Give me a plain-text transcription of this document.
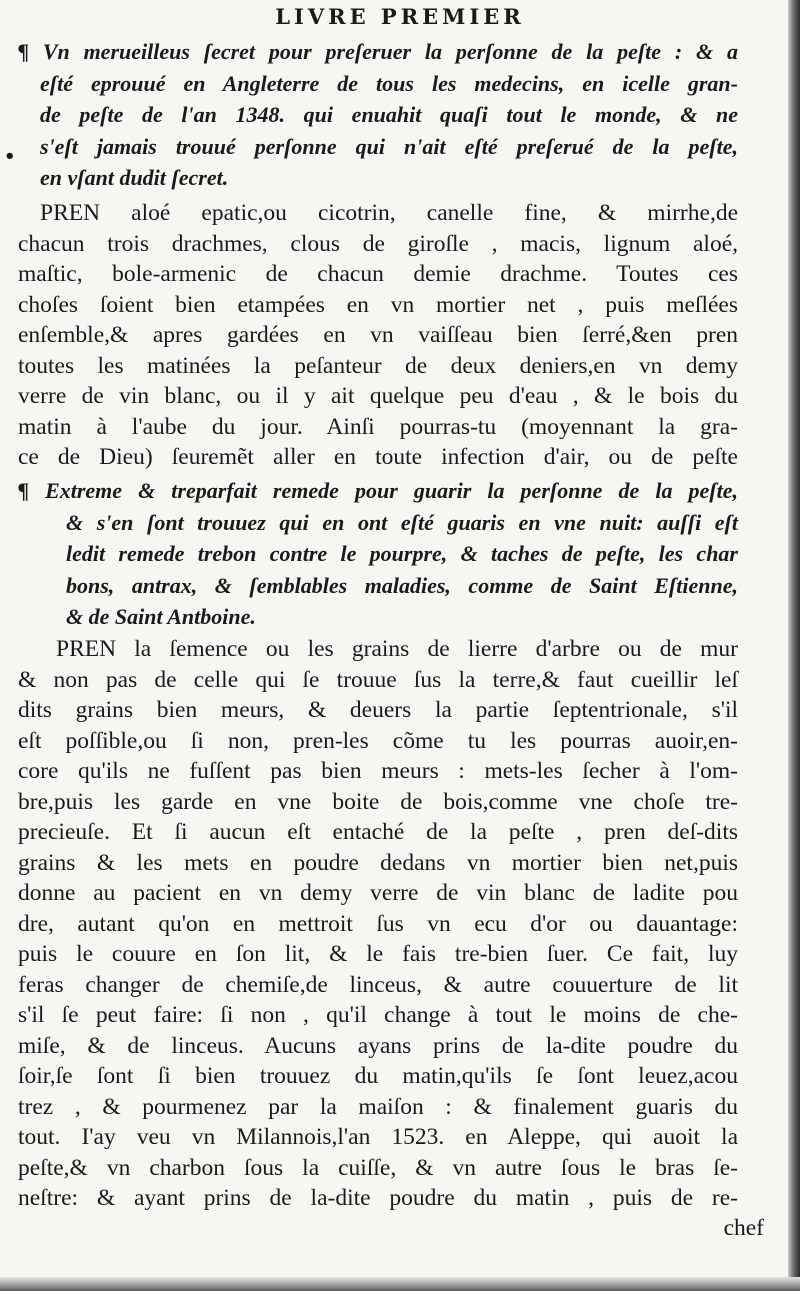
LIVRE PREMIER
•
¶ Vn merueilleus ſecret pour preſeruer la perſonne de la peſte : & a
eſté eprouué en Angleterre de tous les medecins, en icelle gran-
de peſte de l'an 1348. qui enuahit quaſi tout le monde, & ne
s'eſt jamais trouué perſonne qui n'ait eſté preſerué de la peſte,
en vſant dudit ſecret.
PREN aloé epatic,ou cicotrin, canelle fine, & mirrhe,de
chacun trois drachmes, clous de giroſle , macis, lignum aloé,
maſtic, bole-armenic de chacun demie drachme. Toutes ces
choſes ſoient bien etampées en vn mortier net , puis meſlées
enſemble,& apres gardées en vn vaiſſeau bien ſerré,&en pren
toutes les matinées la peſanteur de deux deniers,en vn demy
verre de vin blanc, ou il y ait quelque peu d'eau , & le bois du
matin à l'aube du jour. Ainſi pourras-tu (moyennant la gra-
ce de Dieu) ſeuremẽt aller en toute infection d'air, ou de peſte
¶ Extreme & treparfait remede pour guarir la perſonne de la peſte,
& s'en ſont trouuez qui en ont eſté guaris en vne nuit: auſſi eſt
ledit remede trebon contre le pourpre, & taches de peſte, les char
bons, antrax, & ſemblables maladies, comme de Saint Eſtienne,
& de Saint Antboine.
PREN la ſemence ou les grains de lierre d'arbre ou de mur
& non pas de celle qui ſe trouue ſus la terre,& faut cueillir leſ
dits grains bien meurs, & deuers la partie ſeptentrionale, s'il
eſt poſſible,ou ſi non, pren-les cõme tu les pourras auoir,en-
core qu'ils ne fuſſent pas bien meurs : mets-les ſecher à l'om-
bre,puis les garde en vne boite de bois,comme vne choſe tre-
precieuſe. Et ſi aucun eſt entaché de la peſte , pren deſ-dits
grains & les mets en poudre dedans vn mortier bien net,puis
donne au pacient en vn demy verre de vin blanc de ladite pou
dre, autant qu'on en mettroit ſus vn ecu d'or ou dauantage:
puis le couure en ſon lit, & le fais tre-bien ſuer. Ce fait, luy
feras changer de chemiſe,de linceus, & autre couuerture de lit
s'il ſe peut faire: ſi non , qu'il change à tout le moins de che-
miſe, & de linceus. Aucuns ayans prins de la-dite poudre du
ſoir,ſe ſont ſi bien trouuez du matin,qu'ils ſe ſont leuez,acou
trez , & pourmenez par la maiſon : & finalement guaris du
tout. I'ay veu vn Milannois,l'an 1523. en Aleppe, qui auoit la
peſte,& vn charbon ſous la cuiſſe, & vn autre ſous le bras ſe-
neſtre: & ayant prins de la-dite poudre du matin , puis de re-
chef
